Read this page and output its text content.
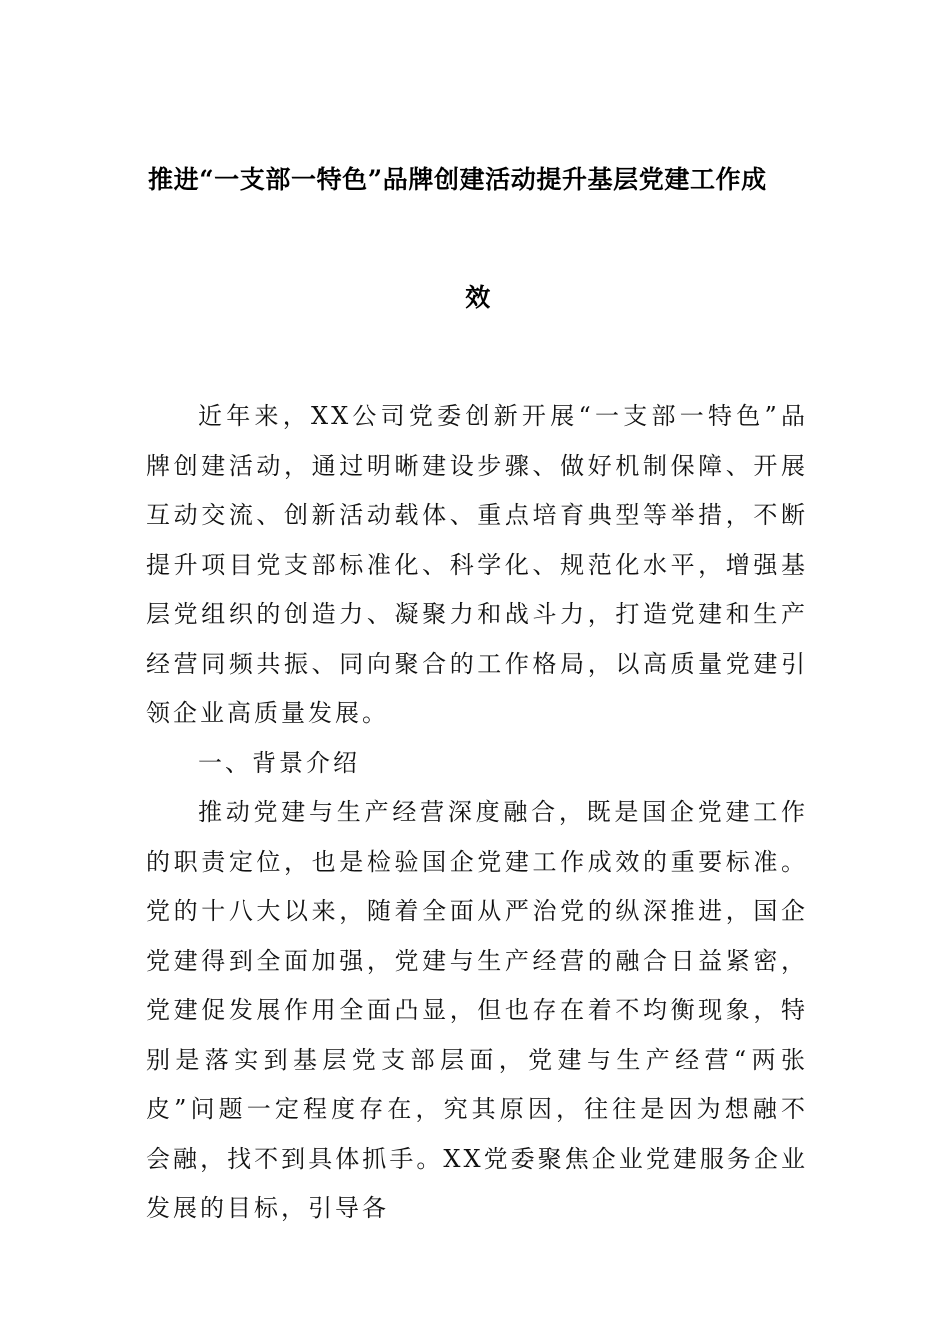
推进“一支部一特色”品牌创建活动提升基层党建工作成
效

近年来，XX公司党委创新开展“一支部一特色”品牌创建活动，通过明晰建设步骤、做好机制保障、开展互动交流、创新活动载体、重点培育典型等举措，不断提升项目党支部标准化、科学化、规范化水平，增强基层党组织的创造力、凝聚力和战斗力，打造党建和生产经营同频共振、同向聚合的工作格局，以高质量党建引领企业高质量发展。

一、背景介绍

推动党建与生产经营深度融合，既是国企党建工作的职责定位，也是检验国企党建工作成效的重要标准。党的十八大以来，随着全面从严治党的纵深推进，国企党建得到全面加强，党建与生产经营的融合日益紧密，党建促发展作用全面凸显，但也存在着不均衡现象，特别是落实到基层党支部层面，党建与生产经营“两张皮”问题一定程度存在，究其原因，往往是因为想融不会融，找不到具体抓手。XX党委聚焦企业党建服务企业发展的目标，引导各
